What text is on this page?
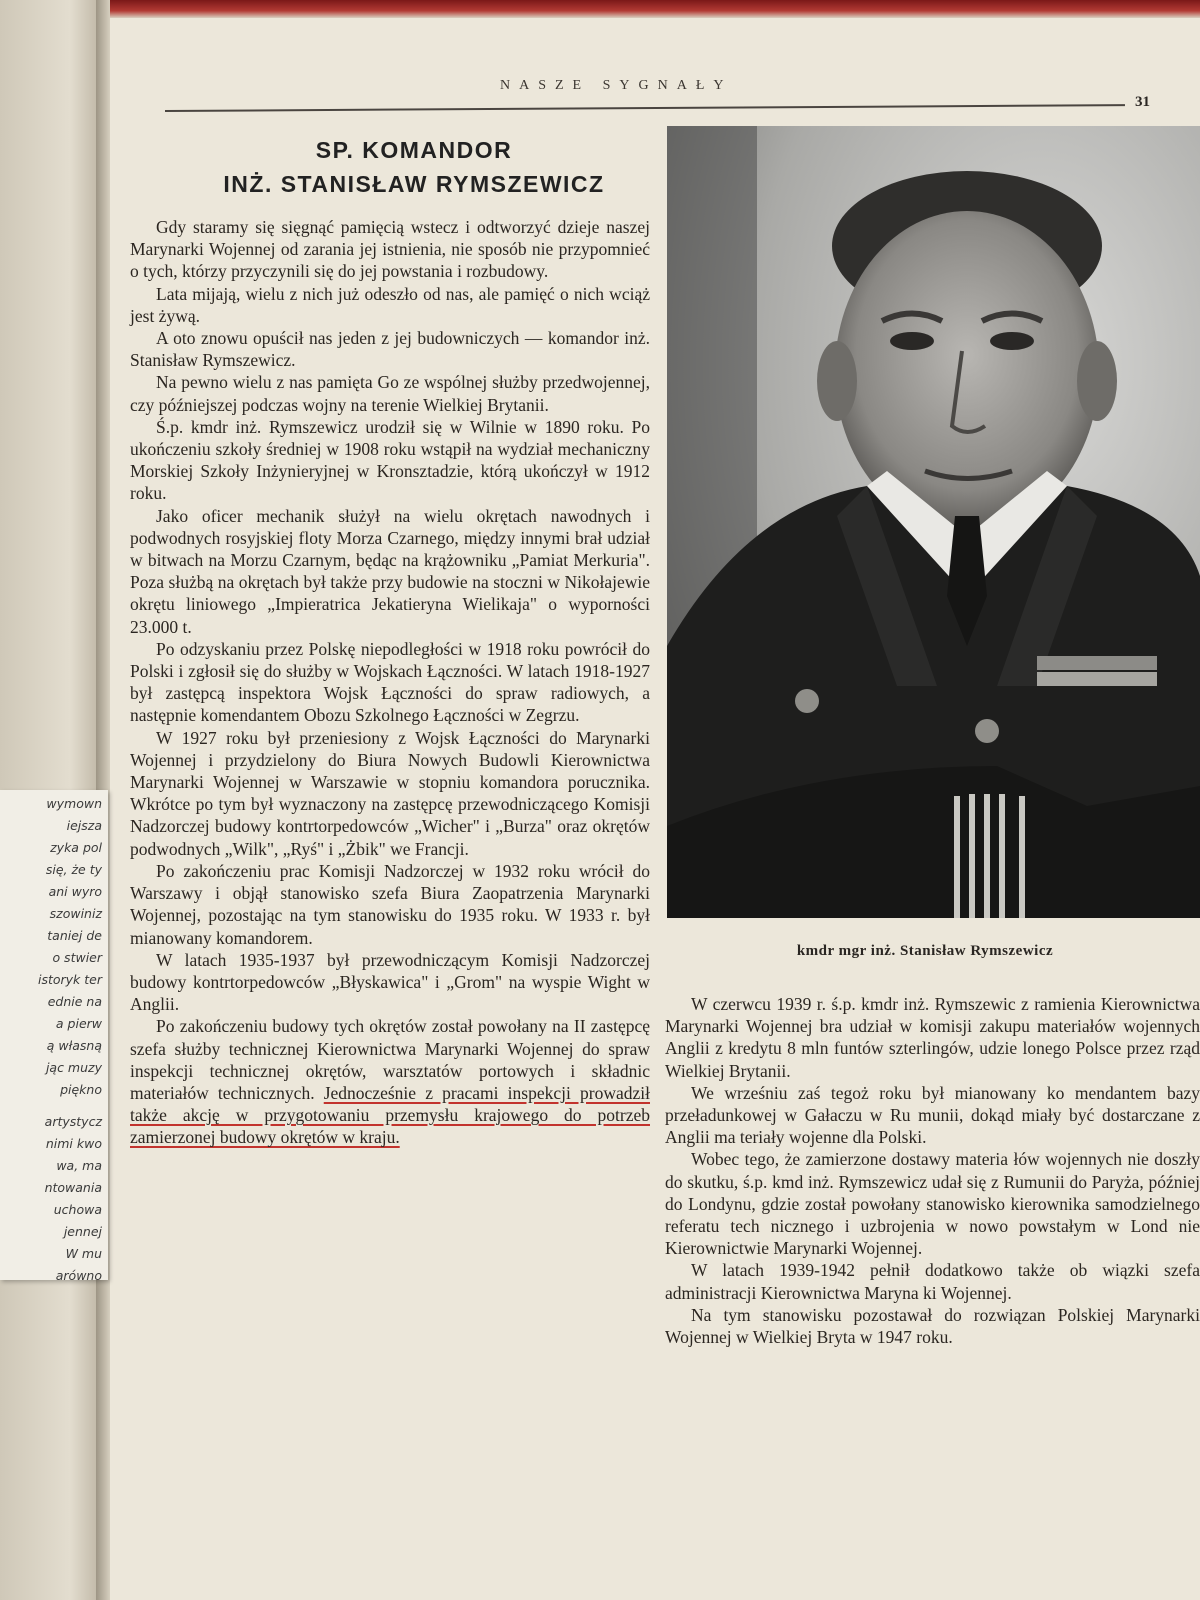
NASZE SYGNAŁY
31
SP. KOMANDOR
INŻ. STANISŁAW RYMSZEWICZ

Gdy staramy się sięgnąć pamięcią wstecz i odtworzyć dzieje naszej Marynarki Wojennej od zarania jej istnienia, nie sposób nie przypomnieć o tych, którzy przyczynili się do jej powstania i rozbudowy.

Lata mijają, wielu z nich już odeszło od nas, ale pamięć o nich wciąż jest żywą.

A oto znowu opuścił nas jeden z jej budowniczych — komandor inż. Stanisław Rymszewicz.

Na pewno wielu z nas pamięta Go ze wspólnej służby przedwojennej, czy późniejszej podczas wojny na terenie Wielkiej Brytanii.

Ś.p. kmdr inż. Rymszewicz urodził się w Wilnie w 1890 roku. Po ukończeniu szkoły średniej w 1908 roku wstąpił na wydział mechaniczny Morskiej Szkoły Inżynieryjnej w Kronsztadzie, którą ukończył w 1912 roku.

Jako oficer mechanik służył na wielu okrętach nawodnych i podwodnych rosyjskiej floty Morza Czarnego, między innymi brał udział w bitwach na Morzu Czarnym, będąc na krążowniku „Pamiat Merkuria". Poza służbą na okrętach był także przy budowie na stoczni w Nikołajewie okrętu liniowego „Impieratrica Jekatieryna Wielikaja" o wyporności 23.000 t.

Po odzyskaniu przez Polskę niepodległości w 1918 roku powrócił do Polski i zgłosił się do służby w Wojskach Łączności. W latach 1918-1927 był zastępcą inspektora Wojsk Łączności do spraw radiowych, a następnie komendantem Obozu Szkolnego Łączności w Zegrzu.

W 1927 roku był przeniesiony z Wojsk Łączności do Marynarki Wojennej i przydzielony do Biura Nowych Budowli Kierownictwa Marynarki Wojennej w Warszawie w stopniu komandora porucznika. Wkrótce po tym był wyznaczony na zastępcę przewodniczącego Komisji Nadzorczej budowy kontrtorpedowców „Wicher" i „Burza" oraz okrętów podwodnych „Wilk", „Ryś" i „Żbik" we Francji.

Po zakończeniu prac Komisji Nadzorczej w 1932 roku wrócił do Warszawy i objął stanowisko szefa Biura Zaopatrzenia Marynarki Wojennej, pozostając na tym stanowisku do 1935 roku. W 1933 r. był mianowany komandorem.

W latach 1935-1937 był przewodniczącym Komisji Nadzorczej budowy kontrtorpedowców „Błyskawica" i „Grom" na wyspie Wight w Anglii.

Po zakończeniu budowy tych okrętów został powołany na II zastępcę szefa służby technicznej Kierownictwa Marynarki Wojennej do spraw inspekcji technicznej okrętów, warsztatów portowych i składnic materiałów technicznych. Jednocześnie z pracami inspekcji prowadził także akcję w przygotowaniu przemysłu krajowego do potrzeb zamierzonej budowy okrętów w kraju.

kmdr mgr inż. Stanisław Rymszewicz

W czerwcu 1939 r. ś.p. kmdr inż. Rymszewic z ramienia Kierownictwa Marynarki Wojennej bra udział w komisji zakupu materiałów wojennych Anglii z kredytu 8 mln funtów szterlingów, udzie lonego Polsce przez rząd Wielkiej Brytanii.

We wrześniu zaś tegoż roku był mianowany ko mendantem bazy przeładunkowej w Gałaczu w Ru munii, dokąd miały być dostarczane z Anglii ma teriały wojenne dla Polski.

Wobec tego, że zamierzone dostawy materia łów wojennych nie doszły do skutku, ś.p. kmd inż. Rymszewicz udał się z Rumunii do Paryża, później do Londynu, gdzie został powołany stanowisko kierownika samodzielnego referatu tech nicznego i uzbrojenia w nowo powstałym w Lond nie Kierownictwie Marynarki Wojennej.

W latach 1939-1942 pełnił dodatkowo także ob wiązki szefa administracji Kierownictwa Maryna ki Wojennej.

Na tym stanowisku pozostawał do rozwiązan Polskiej Marynarki Wojennej w Wielkiej Bryta w 1947 roku.

wymown
iejsza
zyka pol
się, że ty
ani wyro
szowiniz
taniej de
o stwier
istoryk ter
ednie na
a pierw
ą własną
jąc muzy
piękno
artystycz
nimi kwo
wa, ma
ntowania
uchowa
jennej
W mu
arówno
